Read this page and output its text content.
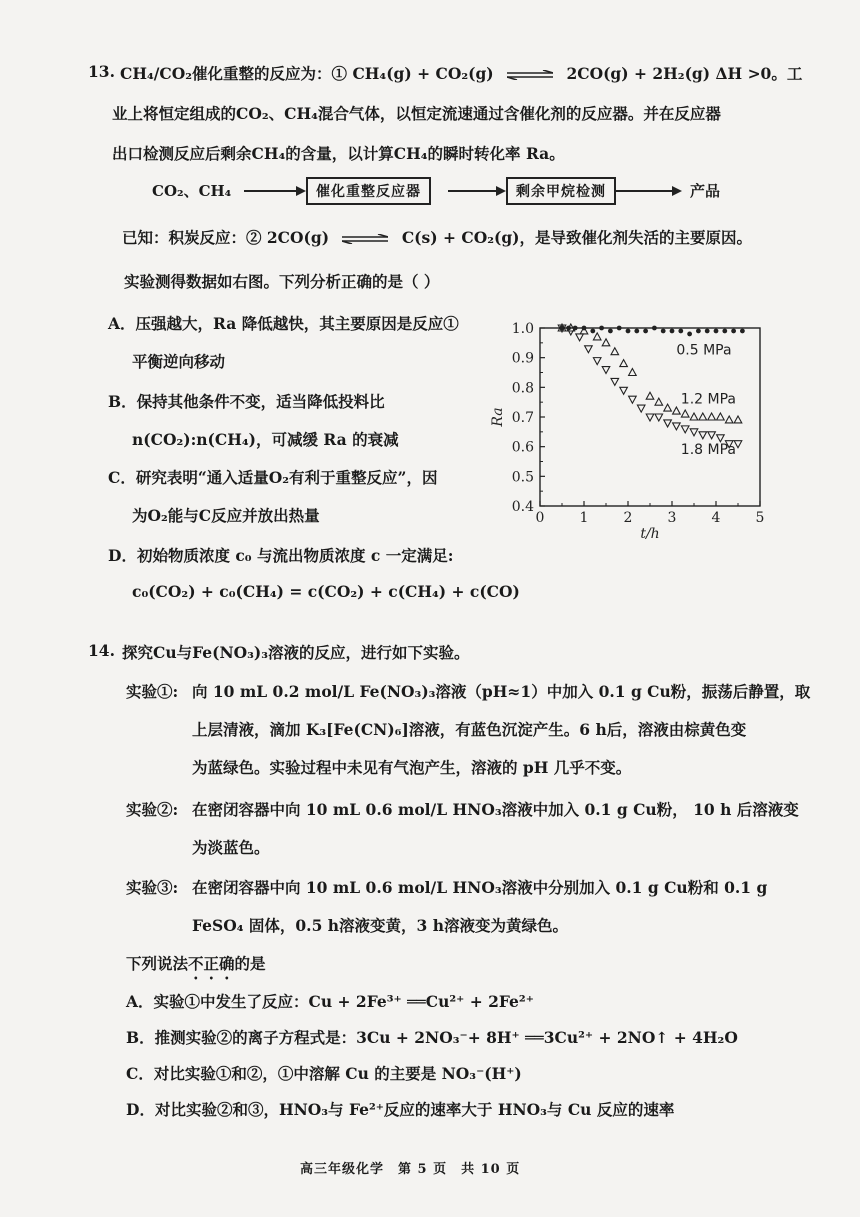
13. CH₄/CO₂催化重整的反应为：① CH₄(g) + CO₂(g) ⇌ 2CO(g) + 2H₂(g) ΔH >0。工
业上将恒定组成的CO₂、CH₄混合气体，以恒定流速通过含催化剂的反应器。并在反应器
出口检测反应后剩余CH₄的含量，以计算CH₄的瞬时转化率 Ra。
CO₂、CH₄	催化重整反应器	剩余甲烷检测	产品
已知：积炭反应：② 2CO(g) ⇌ C(s) + CO₂(g)，是导致催化剂失活的主要原因。
实验测得数据如右图。下列分析正确的是（ ）
A．压强越大，Ra 降低越快，其主要原因是反应①
平衡逆向移动
B．保持其他条件不变，适当降低投料比
n(CO₂):n(CH₄)，可减缓 Ra 的衰减
C．研究表明“通入适量O₂有利于重整反应”，因
为O₂能与C反应并放出热量
D．初始物质浓度 c₀ 与流出物质浓度 c 一定满足:
c₀(CO₂) + c₀(CH₄) = c(CO₂) + c(CH₄) + c(CO)
0	1	2	3	4	5
0.4
0.5
0.6
0.7
0.8
0.9
1.0
t/h
Ra
0.5 MPa
1.2 MPa
1.8 MPa
14. 探究Cu与Fe(NO₃)₃溶液的反应，进行如下实验。
实验①: 向 10 mL 0.2 mol/L Fe(NO₃)₃溶液（pH≈1）中加入 0.1 g Cu粉，振荡后静置，取
上层清液，滴加 K₃[Fe(CN)₆]溶液，有蓝色沉淀产生。6 h后，溶液由棕黄色变
为蓝绿色。实验过程中未见有气泡产生，溶液的 pH 几乎不变。
实验②: 在密闭容器中向 10 mL 0.6 mol/L HNO₃溶液中加入 0.1 g Cu粉， 10 h 后溶液变
为淡蓝色。
实验③: 在密闭容器中向 10 mL 0.6 mol/L HNO₃溶液中分别加入 0.1 g Cu粉和 0.1 g
FeSO₄ 固体，0.5 h溶液变黄，3 h溶液变为黄绿色。
下列说法不正确的是
A．实验①中发生了反应：Cu + 2Fe³⁺ ══Cu²⁺ + 2Fe²⁺
B．推测实验②的离子方程式是：3Cu + 2NO₃⁻+ 8H⁺ ══3Cu²⁺ + 2NO↑ + 4H₂O
C．对比实验①和②，①中溶解 Cu 的主要是 NO₃⁻(H⁺)
D．对比实验②和③，HNO₃与 Fe²⁺反应的速率大于 HNO₃与 Cu 反应的速率
高三年级化学　第 5 页　共 10 页
